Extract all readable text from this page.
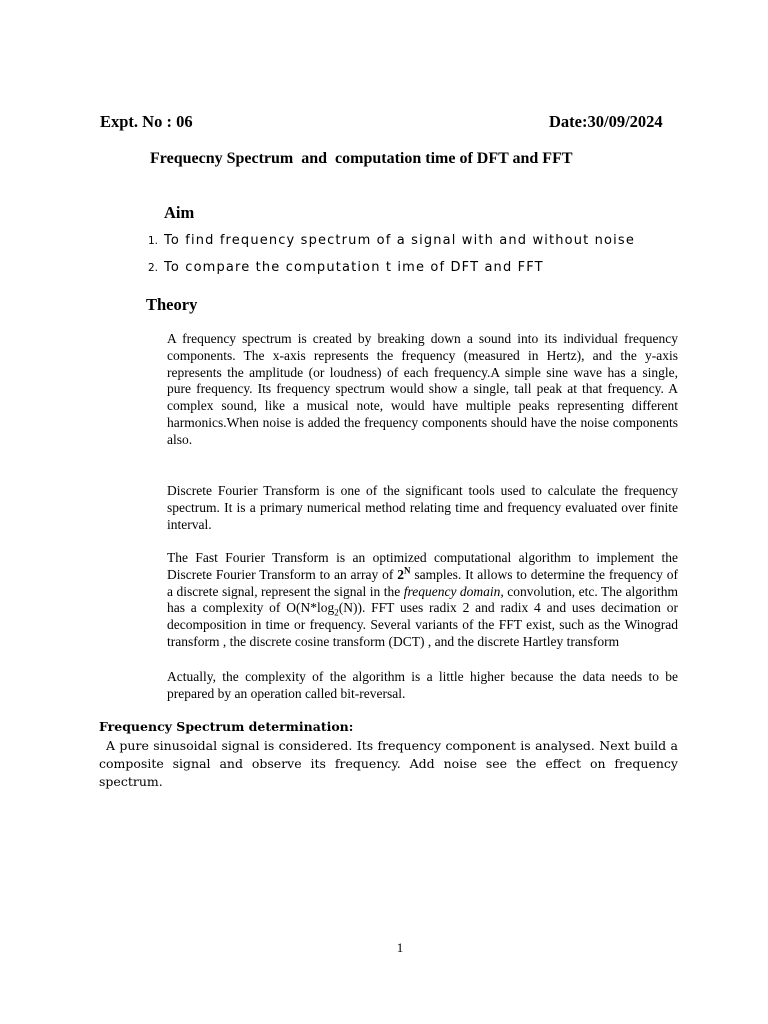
Expt. No : 06	Date:30/09/2024
Frequecny Spectrum  and  computation time of DFT and FFT
Aim
1. To find frequency spectrum of a signal with and without noise
2. To compare the computation t ime of DFT and FFT
Theory
A frequency spectrum is created by breaking down a sound into its individual frequency components. The x-axis represents the frequency (measured in Hertz), and the y-axis represents the amplitude (or loudness) of each frequency.A simple sine wave has a single, pure frequency. Its frequency spectrum would show a single, tall peak at that frequency. A complex sound, like a musical note, would have multiple peaks representing different harmonics.When noise is added the frequency components should have the noise components also.
Discrete Fourier Transform is one of the significant tools used to calculate the frequency spectrum. It is a primary numerical method relating time and frequency evaluated over finite interval.
The Fast Fourier Transform is an optimized computational algorithm to implement the Discrete Fourier Transform to an array of $2^N$ samples. It allows to determine the frequency of a discrete signal, represent the signal in the frequency domain, convolution, etc. The algorithm has a complexity of $O(N*\log_2(N))$. FFT uses radix 2 and radix 4 and uses decimation or decomposition in time or frequency. Several variants of the FFT exist, such as the Winograd transform , the discrete cosine transform (DCT) , and the discrete Hartley transform
Actually, the complexity of the algorithm is a little higher because the data needs to be prepared by an operation called bit-reversal.
Frequency Spectrum determination:
A pure sinusoidal signal is considered. Its frequency component is analysed. Next build a composite signal and observe its frequency. Add noise see the effect on frequency spectrum.
1
